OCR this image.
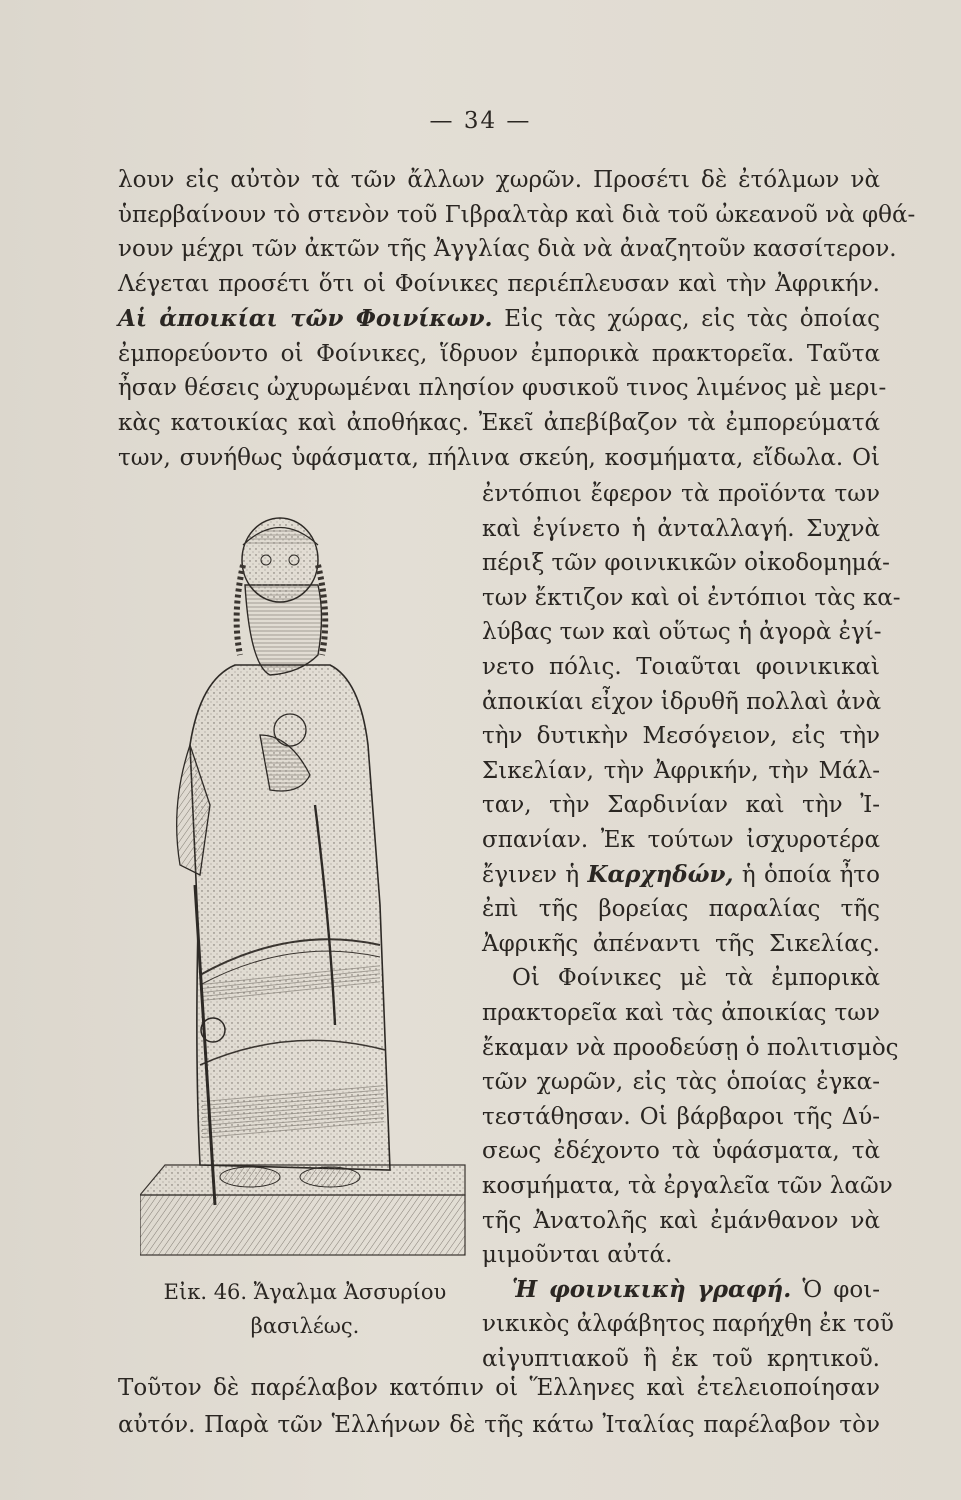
— 34 —
λουν εἰς αὐτὸν τὰ τῶν ἄλλων χωρῶν. Προσέτι δὲ ἐτόλμων νὰ
ὑπερβαίνουν τὸ στενὸν τοῦ Γιβραλτὰρ καὶ διὰ τοῦ ὠκεανοῦ νὰ φθά-
νουν μέχρι τῶν ἀκτῶν τῆς Ἀγγλίας διὰ νὰ ἀναζητοῦν κασσίτερον.
Λέγεται προσέτι ὅτι οἱ Φοίνικες περιέπλευσαν καὶ τὴν Ἀφρικήν.
Αἱ ἀποικίαι τῶν Φοινίκων. Εἰς τὰς χώρας, εἰς τὰς ὁποίας
ἐμπορεύοντο οἱ Φοίνικες, ἵδρυον ἐμπορικὰ πρακτορεῖα. Ταῦτα
ἦσαν θέσεις ὠχυρωμέναι πλησίον φυσικοῦ τινος λιμένος μὲ μερι-
κὰς κατοικίας καὶ ἀποθήκας. Ἐκεῖ ἀπεβίβαζον τὰ ἐμπορεύματά
των, συνήθως ὑφάσματα, πήλινα σκεύη, κοσμήματα, εἴδωλα. Οἱ
ἐντόπιοι ἔφερον τὰ προϊόντα των
καὶ ἐγίνετο ἡ ἀνταλλαγή. Συχνὰ
πέριξ τῶν φοινικικῶν οἰκοδομημά-
των ἔκτιζον καὶ οἱ ἐντόπιοι τὰς κα-
λύβας των καὶ οὕτως ἡ ἀγορὰ ἐγί-
νετο πόλις. Τοιαῦται φοινικικαὶ
ἀποικίαι εἶχον ἱδρυθῆ πολλαὶ ἀνὰ
τὴν δυτικὴν Μεσόγειον, εἰς τὴν
Σικελίαν, τὴν Ἀφρικήν, τὴν Μάλ-
ταν, τὴν Σαρδινίαν καὶ τὴν Ἰ-
σπανίαν. Ἐκ τούτων ἰσχυροτέρα
ἔγινεν ἡ Καρχηδών, ἡ ὁποία ἦτο
ἐπὶ τῆς βορείας παραλίας τῆς
Ἀφρικῆς ἀπέναντι τῆς Σικελίας.
Οἱ Φοίνικες μὲ τὰ ἐμπορικὰ
πρακτορεῖα καὶ τὰς ἀποικίας των
ἔκαμαν νὰ προοδεύσῃ ὁ πολιτισμὸς
τῶν χωρῶν, εἰς τὰς ὁποίας ἐγκα-
τεστάθησαν. Οἱ βάρβαροι τῆς Δύ-
σεως ἐδέχοντο τὰ ὑφάσματα, τὰ
κοσμήματα, τὰ ἐργαλεῖα τῶν λαῶν
τῆς Ἀνατολῆς καὶ ἐμάνθανον νὰ
μιμοῦνται αὐτά.
Ἡ φοινικικὴ γραφή. Ὁ φοι-
νικικὸς ἀλφάβητος παρήχθη ἐκ τοῦ
αἰγυπτιακοῦ ἢ ἐκ τοῦ κρητικοῦ.
Τοῦτον δὲ παρέλαβον κατόπιν οἱ Ἕλληνες καὶ ἐτελειοποίησαν
αὐτόν. Παρὰ τῶν Ἑλλήνων δὲ τῆς κάτω Ἰταλίας παρέλαβον τὸν
Εἰκ. 46. Ἄγαλμα Ἀσσυρίου
βασιλέως.
